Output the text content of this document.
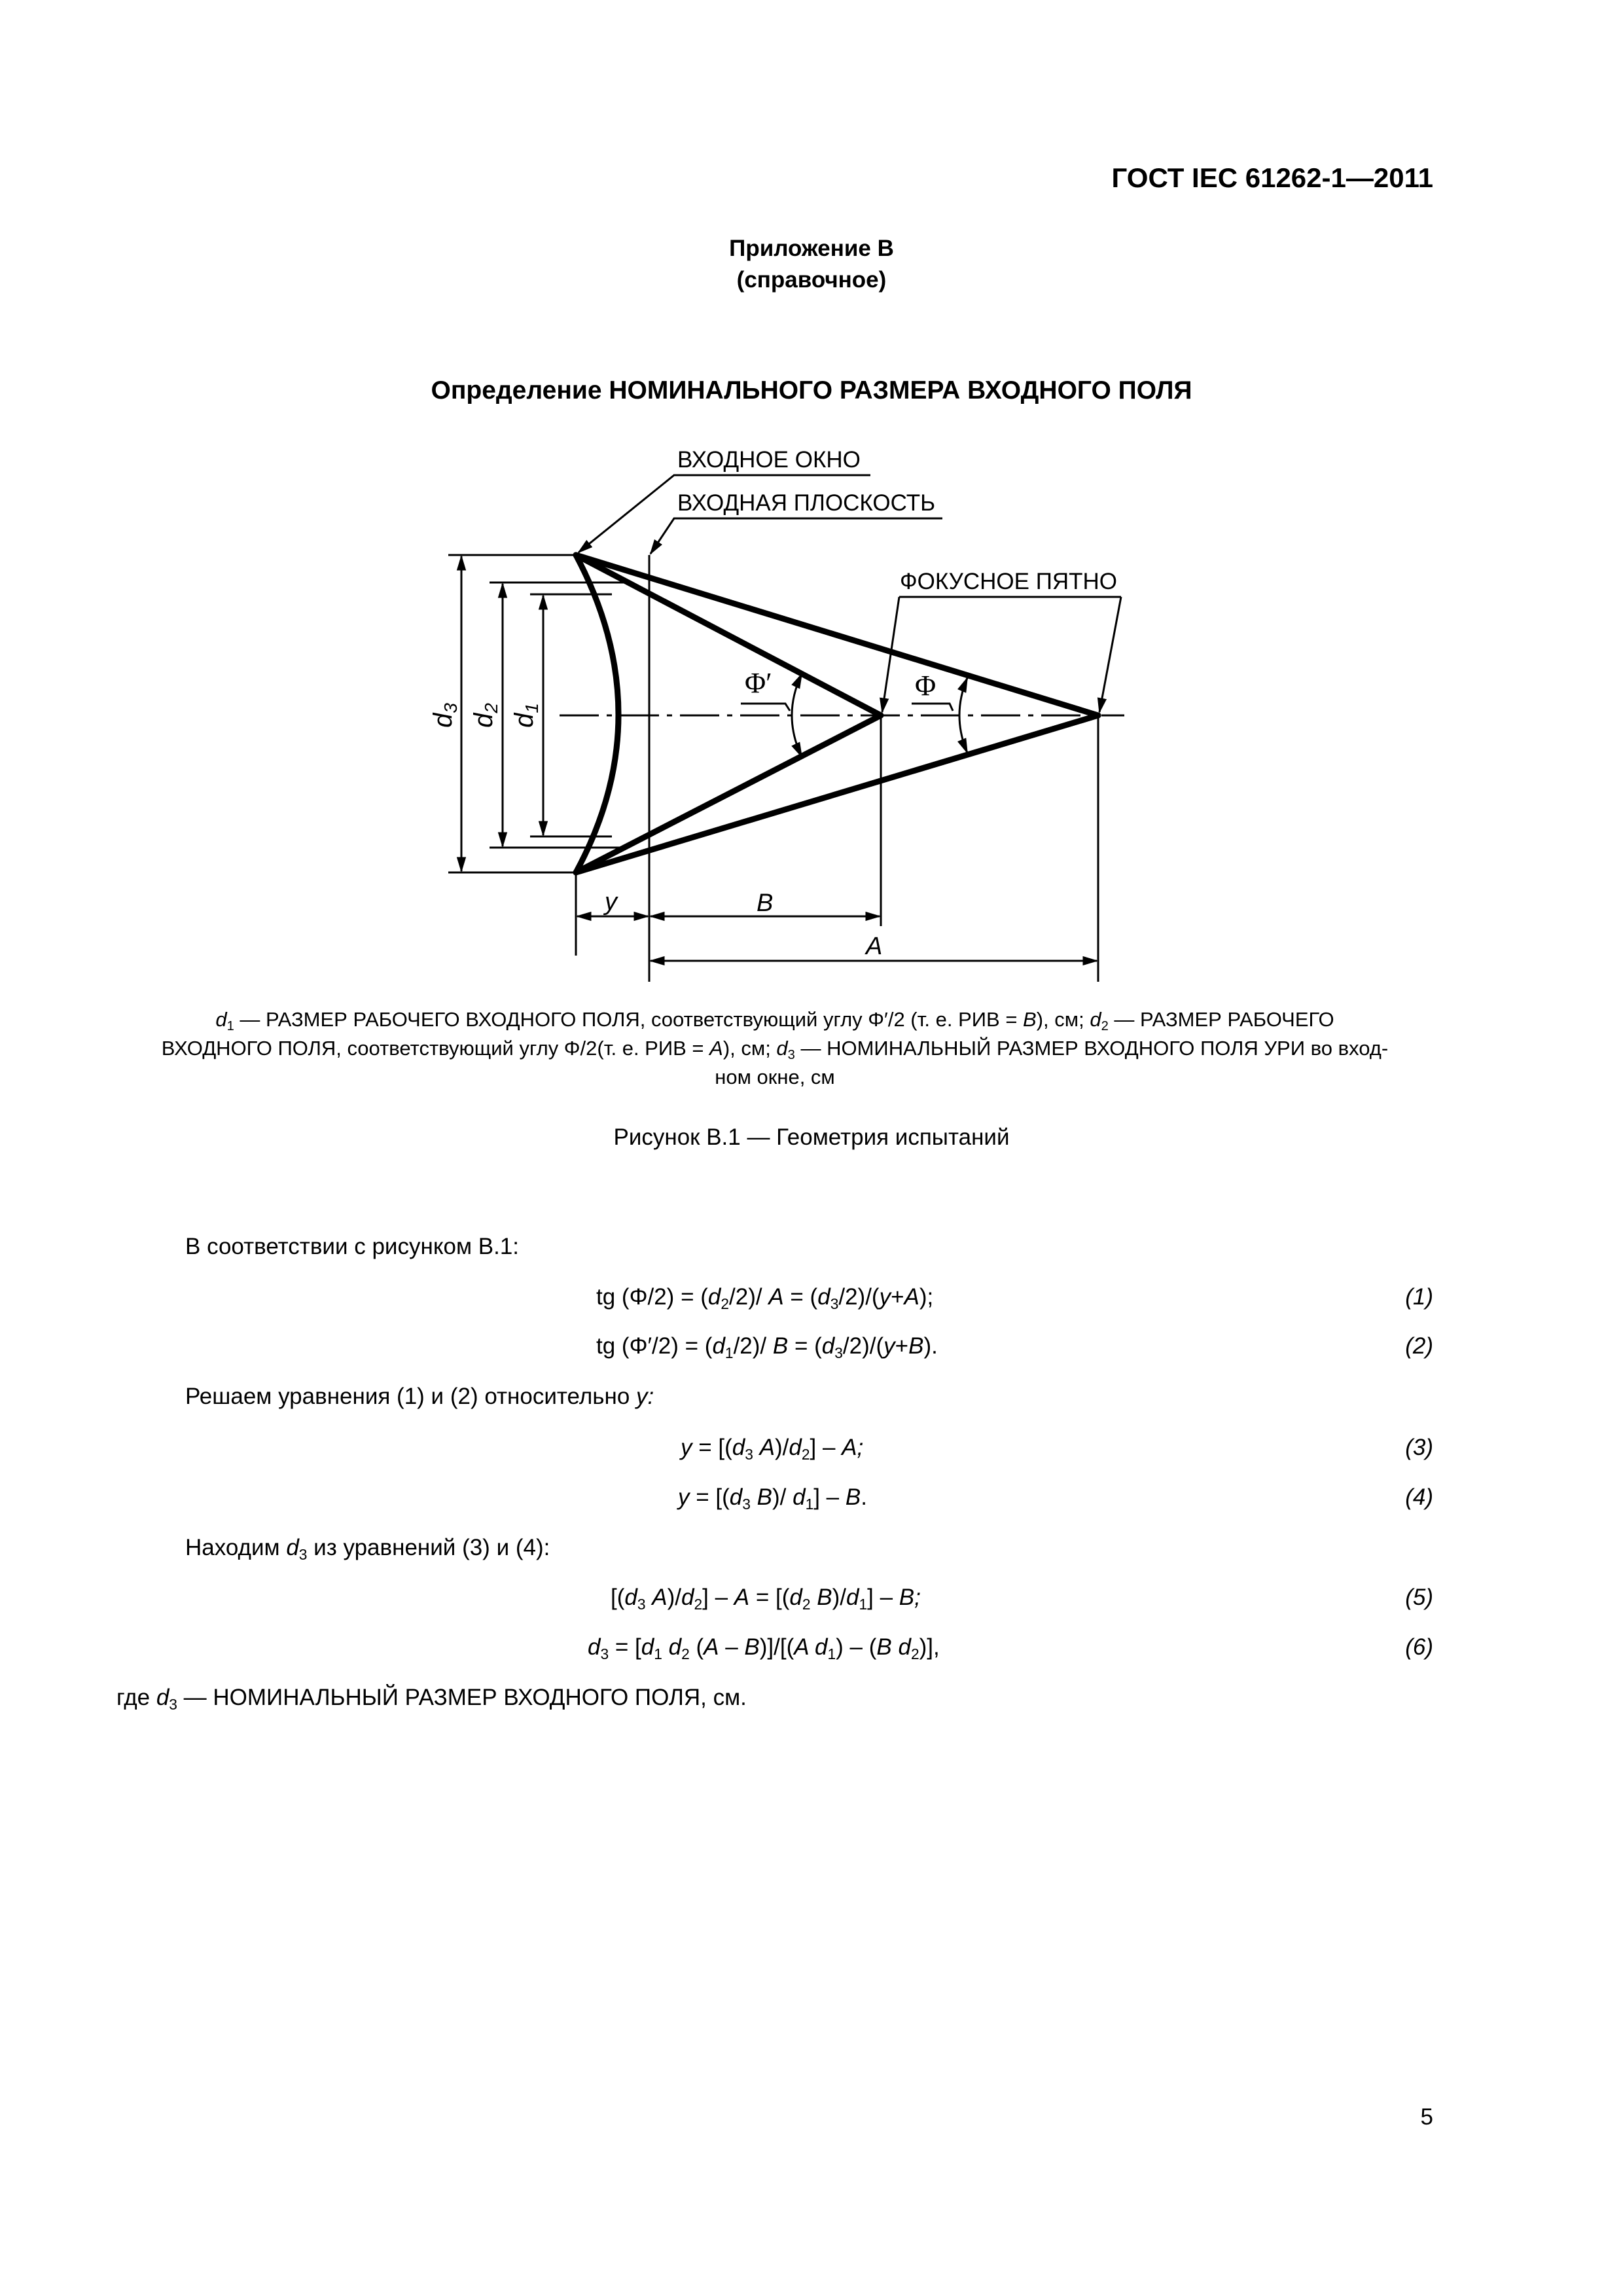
ГОСТ IEC 61262-1—2011
Приложение В
(справочное)
Определение НОМИНАЛЬНОГО РАЗМЕРА ВХОДНОГО ПОЛЯ
ВХОДНОЕ ОКНО
ВХОДНАЯ ПЛОСКОСТЬ
ФОКУСНОЕ ПЯТНО
Φ′	Φ
y	B
A
$d_3$
$d_2$
$d_1$
$d_1$ — РАЗМЕР РАБОЧЕГО ВХОДНОГО ПОЛЯ, соответствующий углу Φ′/2 (т. е. РИВ = B), см; $d_2$ — РАЗМЕР РАБОЧЕГО
ВХОДНОГО ПОЛЯ, соответствующий углу Φ/2(т. е. РИВ = A), см; $d_3$ — НОМИНАЛЬНЫЙ РАЗМЕР ВХОДНОГО ПОЛЯ УРИ во вход-
ном окне, см
Рисунок В.1 — Геометрия испытаний
В соответствии с рисунком В.1:
tg $(\Phi/2) = (d_2/2)/$ $A = (d_3/2)/(y+A)$;	(1)
tg $(\Phi'/2) = (d_1/2)/$ $B = (d_3/2)/(y+B)$.	(2)
Решаем уравнения (1) и (2) относительно y:
$y = [(d_3$ $A)/d_2$] – A;	(3)
$y = [(d_3$ B)/ $d_1$] – B.	(4)
Находим $d_3$ из уравнений (3) и (4):
[($d_3$ $A)/d_2] - A = [(d_2$ $B)/d_1$] – B;	(5)
$d_3 = [d_1$ $d_2$ (A – B)]/[(A $d_1) - (B$ $d_2$)],	(6)
где $d_3$ — НОМИНАЛЬНЫЙ РАЗМЕР ВХОДНОГО ПОЛЯ, см.
5
